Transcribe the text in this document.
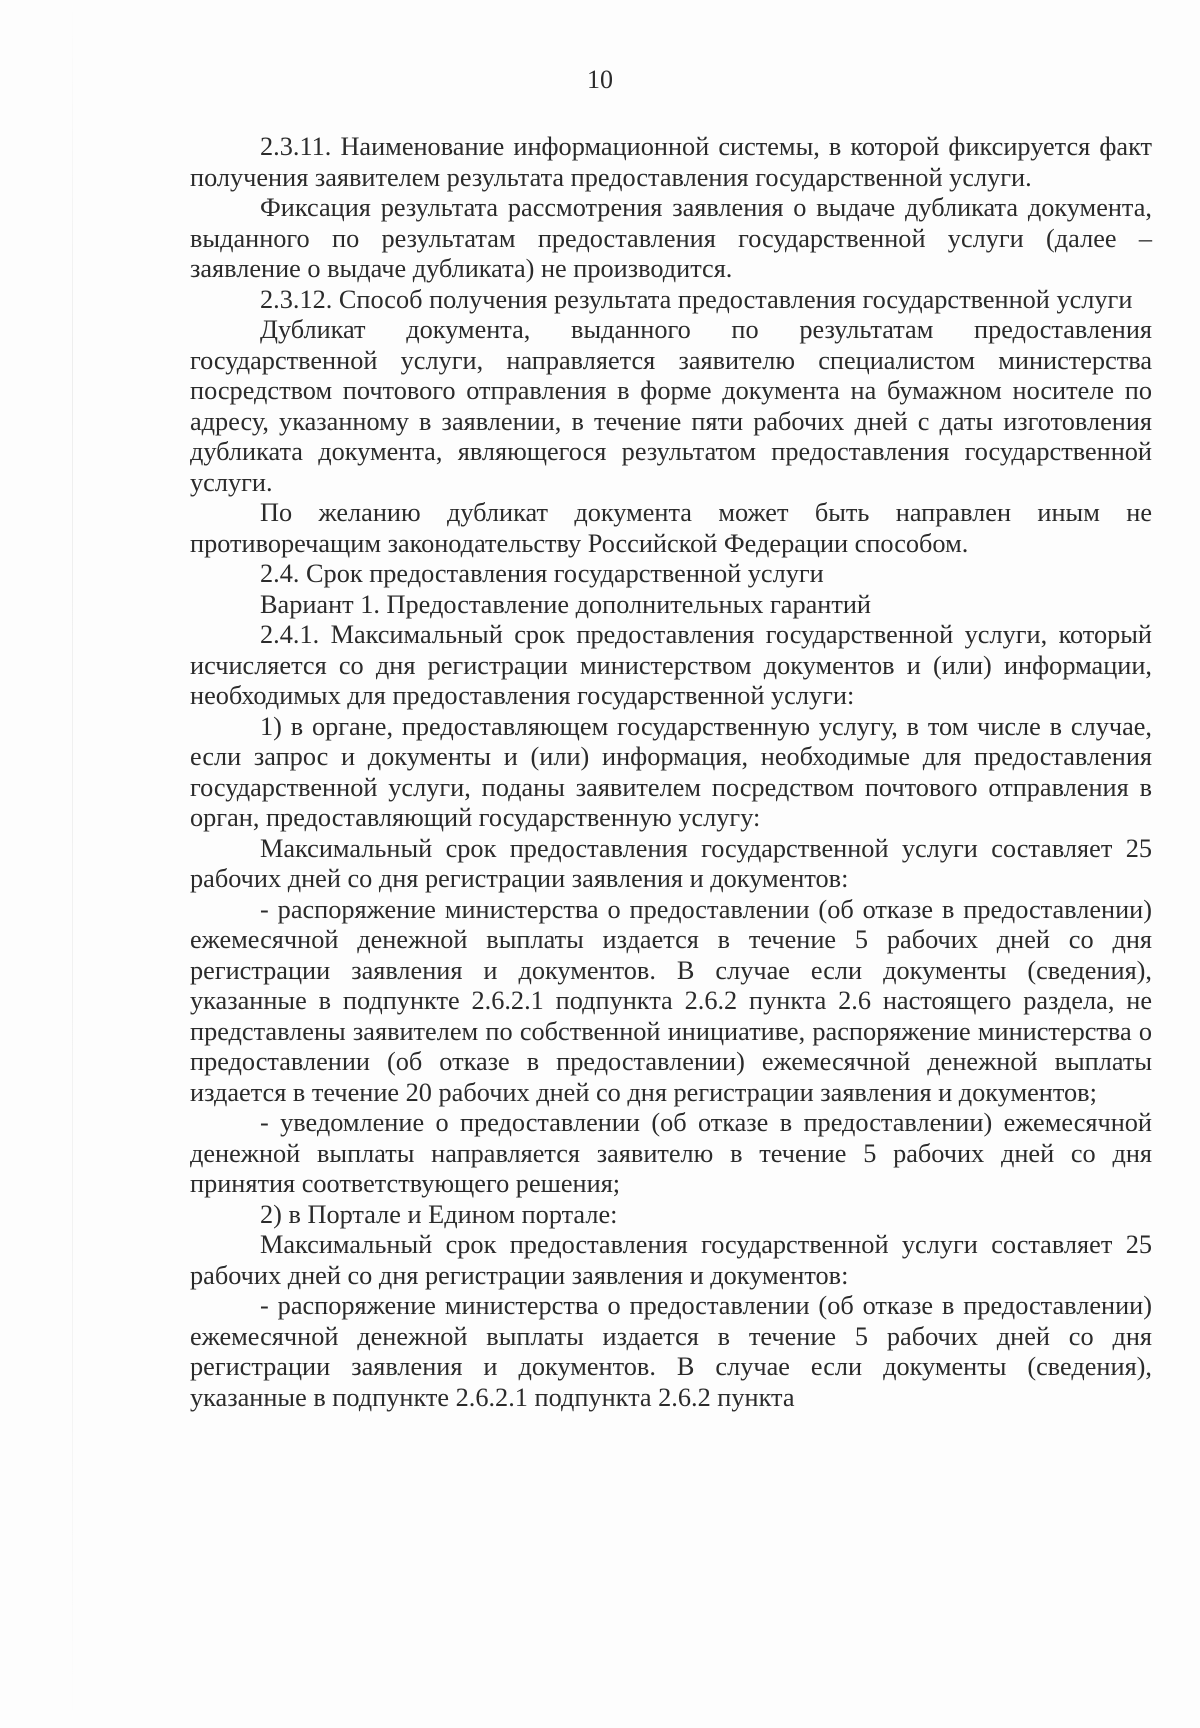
10

2.3.11. Наименование информационной системы, в которой фиксируется факт получения заявителем результата предоставления государственной услуги.

Фиксация результата рассмотрения заявления о выдаче дубликата документа, выданного по результатам предоставления государственной услуги (далее – заявление о выдаче дубликата) не производится.

2.3.12. Способ получения результата предоставления государственной услуги

Дубликат документа, выданного по результатам предоставления государственной услуги, направляется заявителю специалистом министерства посредством почтового отправления в форме документа на бумажном носителе по адресу, указанному в заявлении, в течение пяти рабочих дней с даты изготовления дубликата документа, являющегося результатом предоставления государственной услуги.

По желанию дубликат документа может быть направлен иным не противоречащим законодательству Российской Федерации способом.

2.4. Срок предоставления государственной услуги

Вариант 1. Предоставление дополнительных гарантий

2.4.1. Максимальный срок предоставления государственной услуги, который исчисляется со дня регистрации министерством документов и (или) информации, необходимых для предоставления государственной услуги:

1) в органе, предоставляющем государственную услугу, в том числе в случае, если запрос и документы и (или) информация, необходимые для предоставления государственной услуги, поданы заявителем посредством почтового отправления в орган, предоставляющий государственную услугу:

Максимальный срок предоставления государственной услуги составляет 25 рабочих дней со дня регистрации заявления и документов:

- распоряжение министерства о предоставлении (об отказе в предоставлении) ежемесячной денежной выплаты издается в течение 5 рабочих дней со дня регистрации заявления и документов. В случае если документы (сведения), указанные в подпункте 2.6.2.1 подпункта 2.6.2 пункта 2.6 настоящего раздела, не представлены заявителем по собственной инициативе, распоряжение министерства о предоставлении (об отказе в предоставлении) ежемесячной денежной выплаты издается в течение 20 рабочих дней со дня регистрации заявления и документов;

- уведомление о предоставлении (об отказе в предоставлении) ежемесячной денежной выплаты направляется заявителю в течение 5 рабочих дней со дня принятия соответствующего решения;

2) в Портале и Едином портале:

Максимальный срок предоставления государственной услуги составляет 25 рабочих дней со дня регистрации заявления и документов:

- распоряжение министерства о предоставлении (об отказе в предоставлении) ежемесячной денежной выплаты издается в течение 5 рабочих дней со дня регистрации заявления и документов. В случае если документы (сведения), указанные в подпункте 2.6.2.1 подпункта 2.6.2 пункта
